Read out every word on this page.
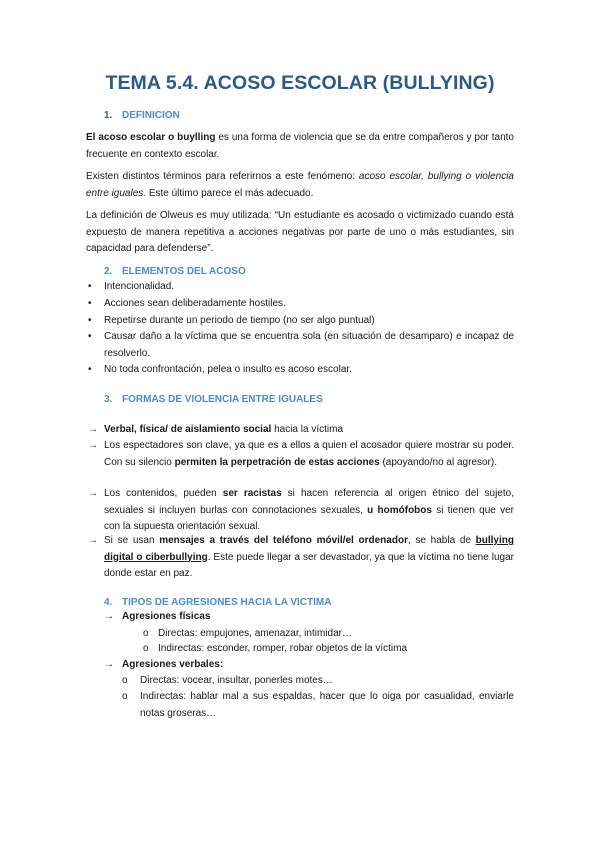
TEMA 5.4. ACOSO ESCOLAR (BULLYING)
1. DEFINICION

El acoso escolar o buylling es una forma de violencia que se da entre compañeros y por tanto frecuente en contexto escolar.

Existen distintos términos para referirnos a este fenómeno: acoso escolar, bullying o violencia entre iguales. Este último parece el más adecuado.

La definición de Olweus es muy utilizada: “Un estudiante es acosado o victimizado cuando está expuesto de manera repetitiva a acciones negativas por parte de uno o más estudiantes, sin capacidad para defenderse”.

2. ELEMENTOS DEL ACOSO
• Intencionalidad.
• Acciones sean deliberadamente hostiles.
• Repetirse durante un periodo de tiempo (no ser algo puntual)
• Causar daño a la víctima que se encuentra sola (en situación de desamparo) e incapaz de resolverlo.
• No toda confrontación, pelea o insulto es acoso escolar.
3. FORMAS DE VIOLENCIA ENTRE IGUALES
→ Verbal, física/ de aislamiento social hacia la víctima
→ Los espectadores son clave, ya que es a ellos a quien el acosador quiere mostrar su poder. Con su silencio permiten la perpetración de estas acciones (apoyando/no al agresor).
→ Los contenidos, pueden ser racistas si hacen referencia al origen étnico del sujeto, sexuales si incluyen burlas con connotaciones sexuales, u homófobos si tienen que ver con la supuesta orientación sexual.
→ Si se usan mensajes a través del teléfono móvil/el ordenador, se habla de bullying digital o ciberbullying. Este puede llegar a ser devastador, ya que la víctima no tiene lugar donde estar en paz.
4. TIPOS DE AGRESIONES HACIA LA VICTIMA
→ Agresiones físicas
o Directas: empujones, amenazar, intimidar…
o Indirectas: esconder, romper, robar objetos de la víctima
→ Agresiones verbales:
o Directas: vocear, insultar, ponerles motes…
o Indirectas: hablar mal a sus espaldas, hacer que lo oiga por casualidad, enviarle notas groseras…
